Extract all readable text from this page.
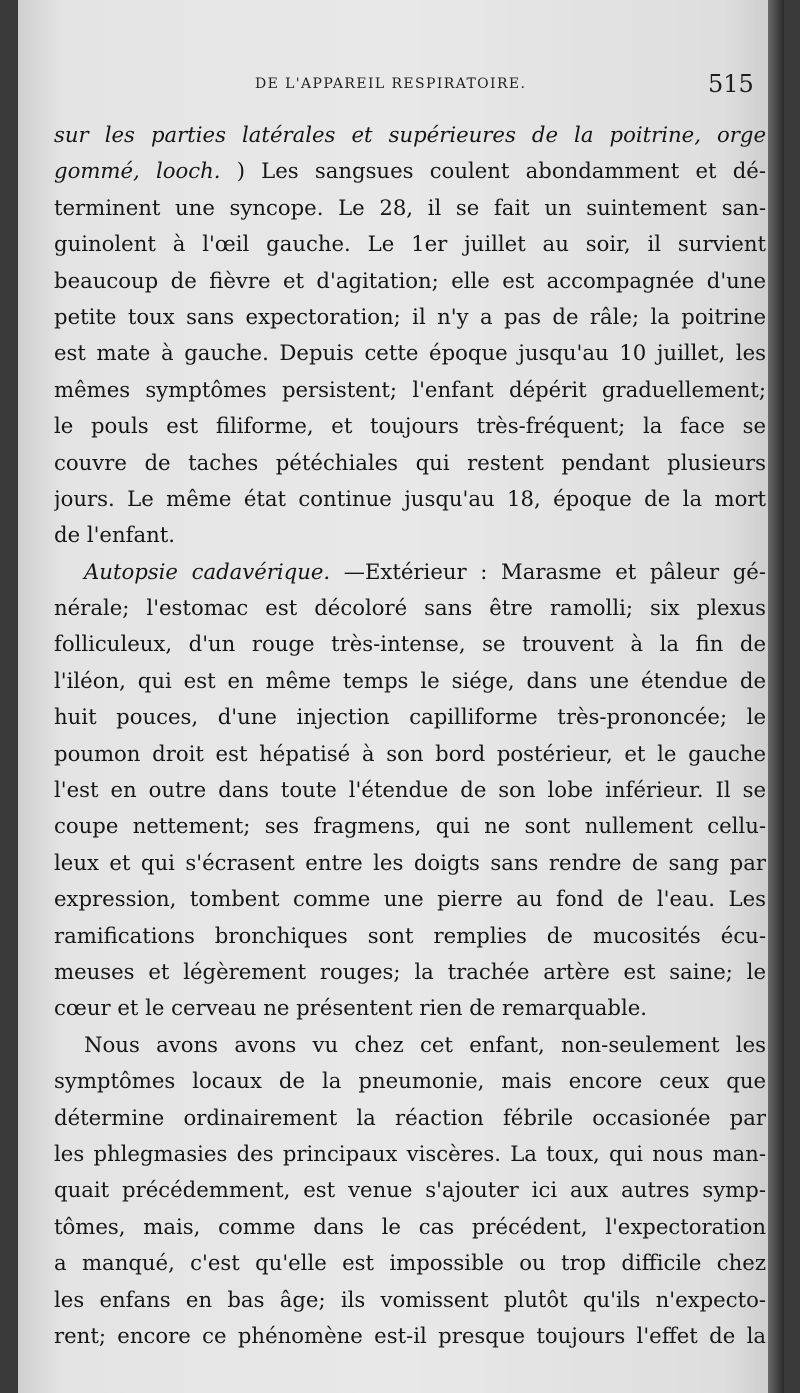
DE L'APPAREIL RESPIRATOIRE.	515
sur les parties latérales et supérieures de la poitrine, orge
gommé, looch. ) Les sangsues coulent abondamment et dé-
terminent une syncope. Le 28, il se fait un suintement san-
guinolent à l'œil gauche. Le 1er juillet au soir, il survient
beaucoup de fièvre et d'agitation; elle est accompagnée d'une
petite toux sans expectoration; il n'y a pas de râle; la poitrine
est mate à gauche. Depuis cette époque jusqu'au 10 juillet, les
mêmes symptômes persistent; l'enfant dépérit graduellement;
le pouls est filiforme, et toujours très-fréquent; la face se
couvre de taches pétéchiales qui restent pendant plusieurs
jours. Le même état continue jusqu'au 18, époque de la mort
de l'enfant.
Autopsie cadavérique. —Extérieur : Marasme et pâleur gé-
nérale; l'estomac est décoloré sans être ramolli; six plexus
folliculeux, d'un rouge très-intense, se trouvent à la fin de
l'iléon, qui est en même temps le siége, dans une étendue de
huit pouces, d'une injection capilliforme très-prononcée; le
poumon droit est hépatisé à son bord postérieur, et le gauche
l'est en outre dans toute l'étendue de son lobe inférieur. Il se
coupe nettement; ses fragmens, qui ne sont nullement cellu-
leux et qui s'écrasent entre les doigts sans rendre de sang par
expression, tombent comme une pierre au fond de l'eau. Les
ramifications bronchiques sont remplies de mucosités écu-
meuses et légèrement rouges; la trachée artère est saine; le
cœur et le cerveau ne présentent rien de remarquable.
Nous avons avons vu chez cet enfant, non-seulement les
symptômes locaux de la pneumonie, mais encore ceux que
détermine ordinairement la réaction fébrile occasionée par
les phlegmasies des principaux viscères. La toux, qui nous man-
quait précédemment, est venue s'ajouter ici aux autres symp-
tômes, mais, comme dans le cas précédent, l'expectoration
a manqué, c'est qu'elle est impossible ou trop difficile chez
les enfans en bas âge; ils vomissent plutôt qu'ils n'expecto-
rent; encore ce phénomène est-il presque toujours l'effet de la
